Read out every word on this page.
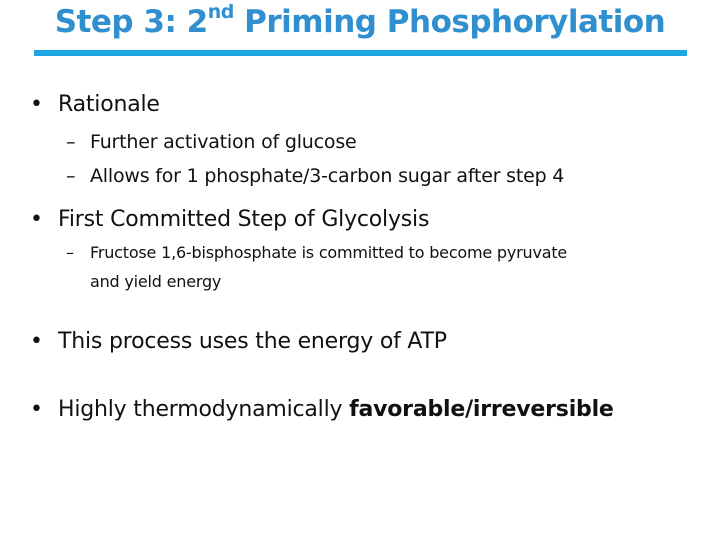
Step 3: 2nd Priming Phosphorylation
• Rationale
– Further activation of glucose
– Allows for 1 phosphate/3-carbon sugar after step 4
• First Committed Step of Glycolysis
– Fructose 1,6-bisphosphate is committed to become pyruvate
and yield energy
• This process uses the energy of ATP
• Highly thermodynamically favorable/irreversible
